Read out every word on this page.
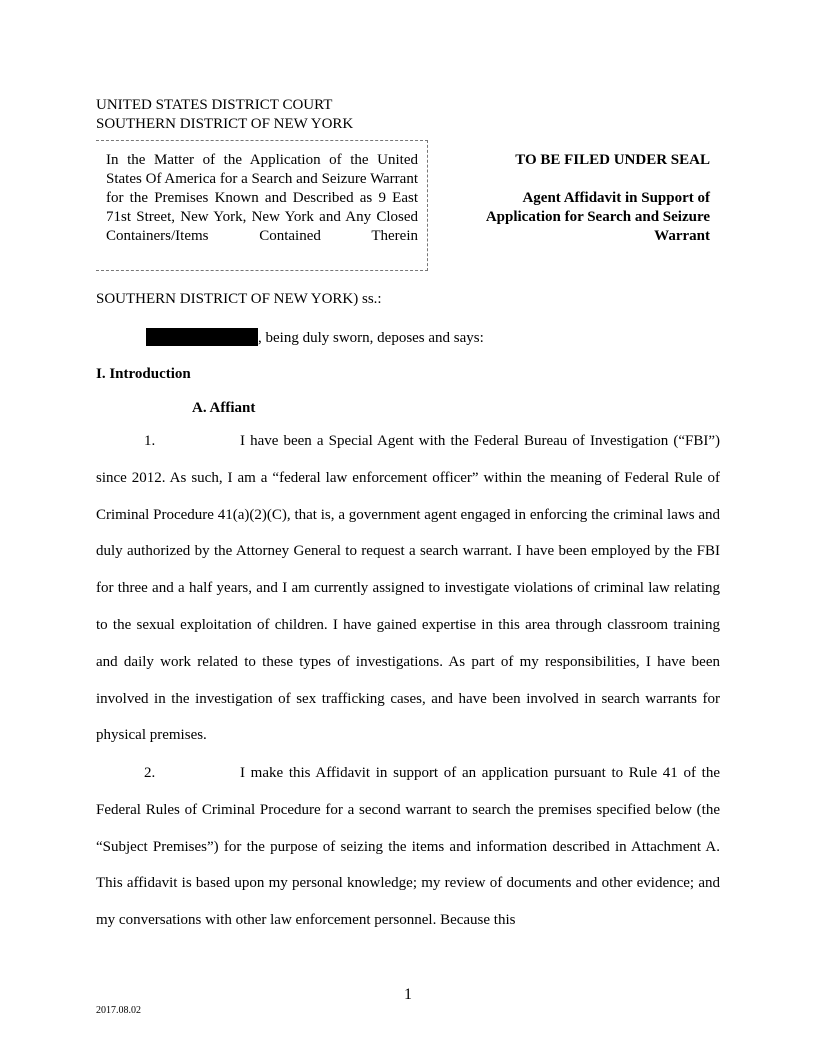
UNITED STATES DISTRICT COURT
SOUTHERN DISTRICT OF NEW YORK
In the Matter of the Application of the United States Of America for a Search and Seizure Warrant for the Premises Known and Described as 9 East 71st Street, New York, New York and Any Closed Containers/Items Contained Therein
TO BE FILED UNDER SEAL
Agent Affidavit in Support of Application for Search and Seizure Warrant
SOUTHERN DISTRICT OF NEW YORK) ss.:
, being duly sworn, deposes and says:
I. Introduction
A. Affiant
1.	I have been a Special Agent with the Federal Bureau of Investigation (“FBI”) since 2012. As such, I am a “federal law enforcement officer” within the meaning of Federal Rule of Criminal Procedure 41(a)(2)(C), that is, a government agent engaged in enforcing the criminal laws and duly authorized by the Attorney General to request a search warrant. I have been employed by the FBI for three and a half years, and I am currently assigned to investigate violations of criminal law relating to the sexual exploitation of children. I have gained expertise in this area through classroom training and daily work related to these types of investigations. As part of my responsibilities, I have been involved in the investigation of sex trafficking cases, and have been involved in search warrants for physical premises.
2.	I make this Affidavit in support of an application pursuant to Rule 41 of the Federal Rules of Criminal Procedure for a second warrant to search the premises specified below (the “Subject Premises”) for the purpose of seizing the items and information described in Attachment A. This affidavit is based upon my personal knowledge; my review of documents and other evidence; and my conversations with other law enforcement personnel. Because this
1
2017.08.02
